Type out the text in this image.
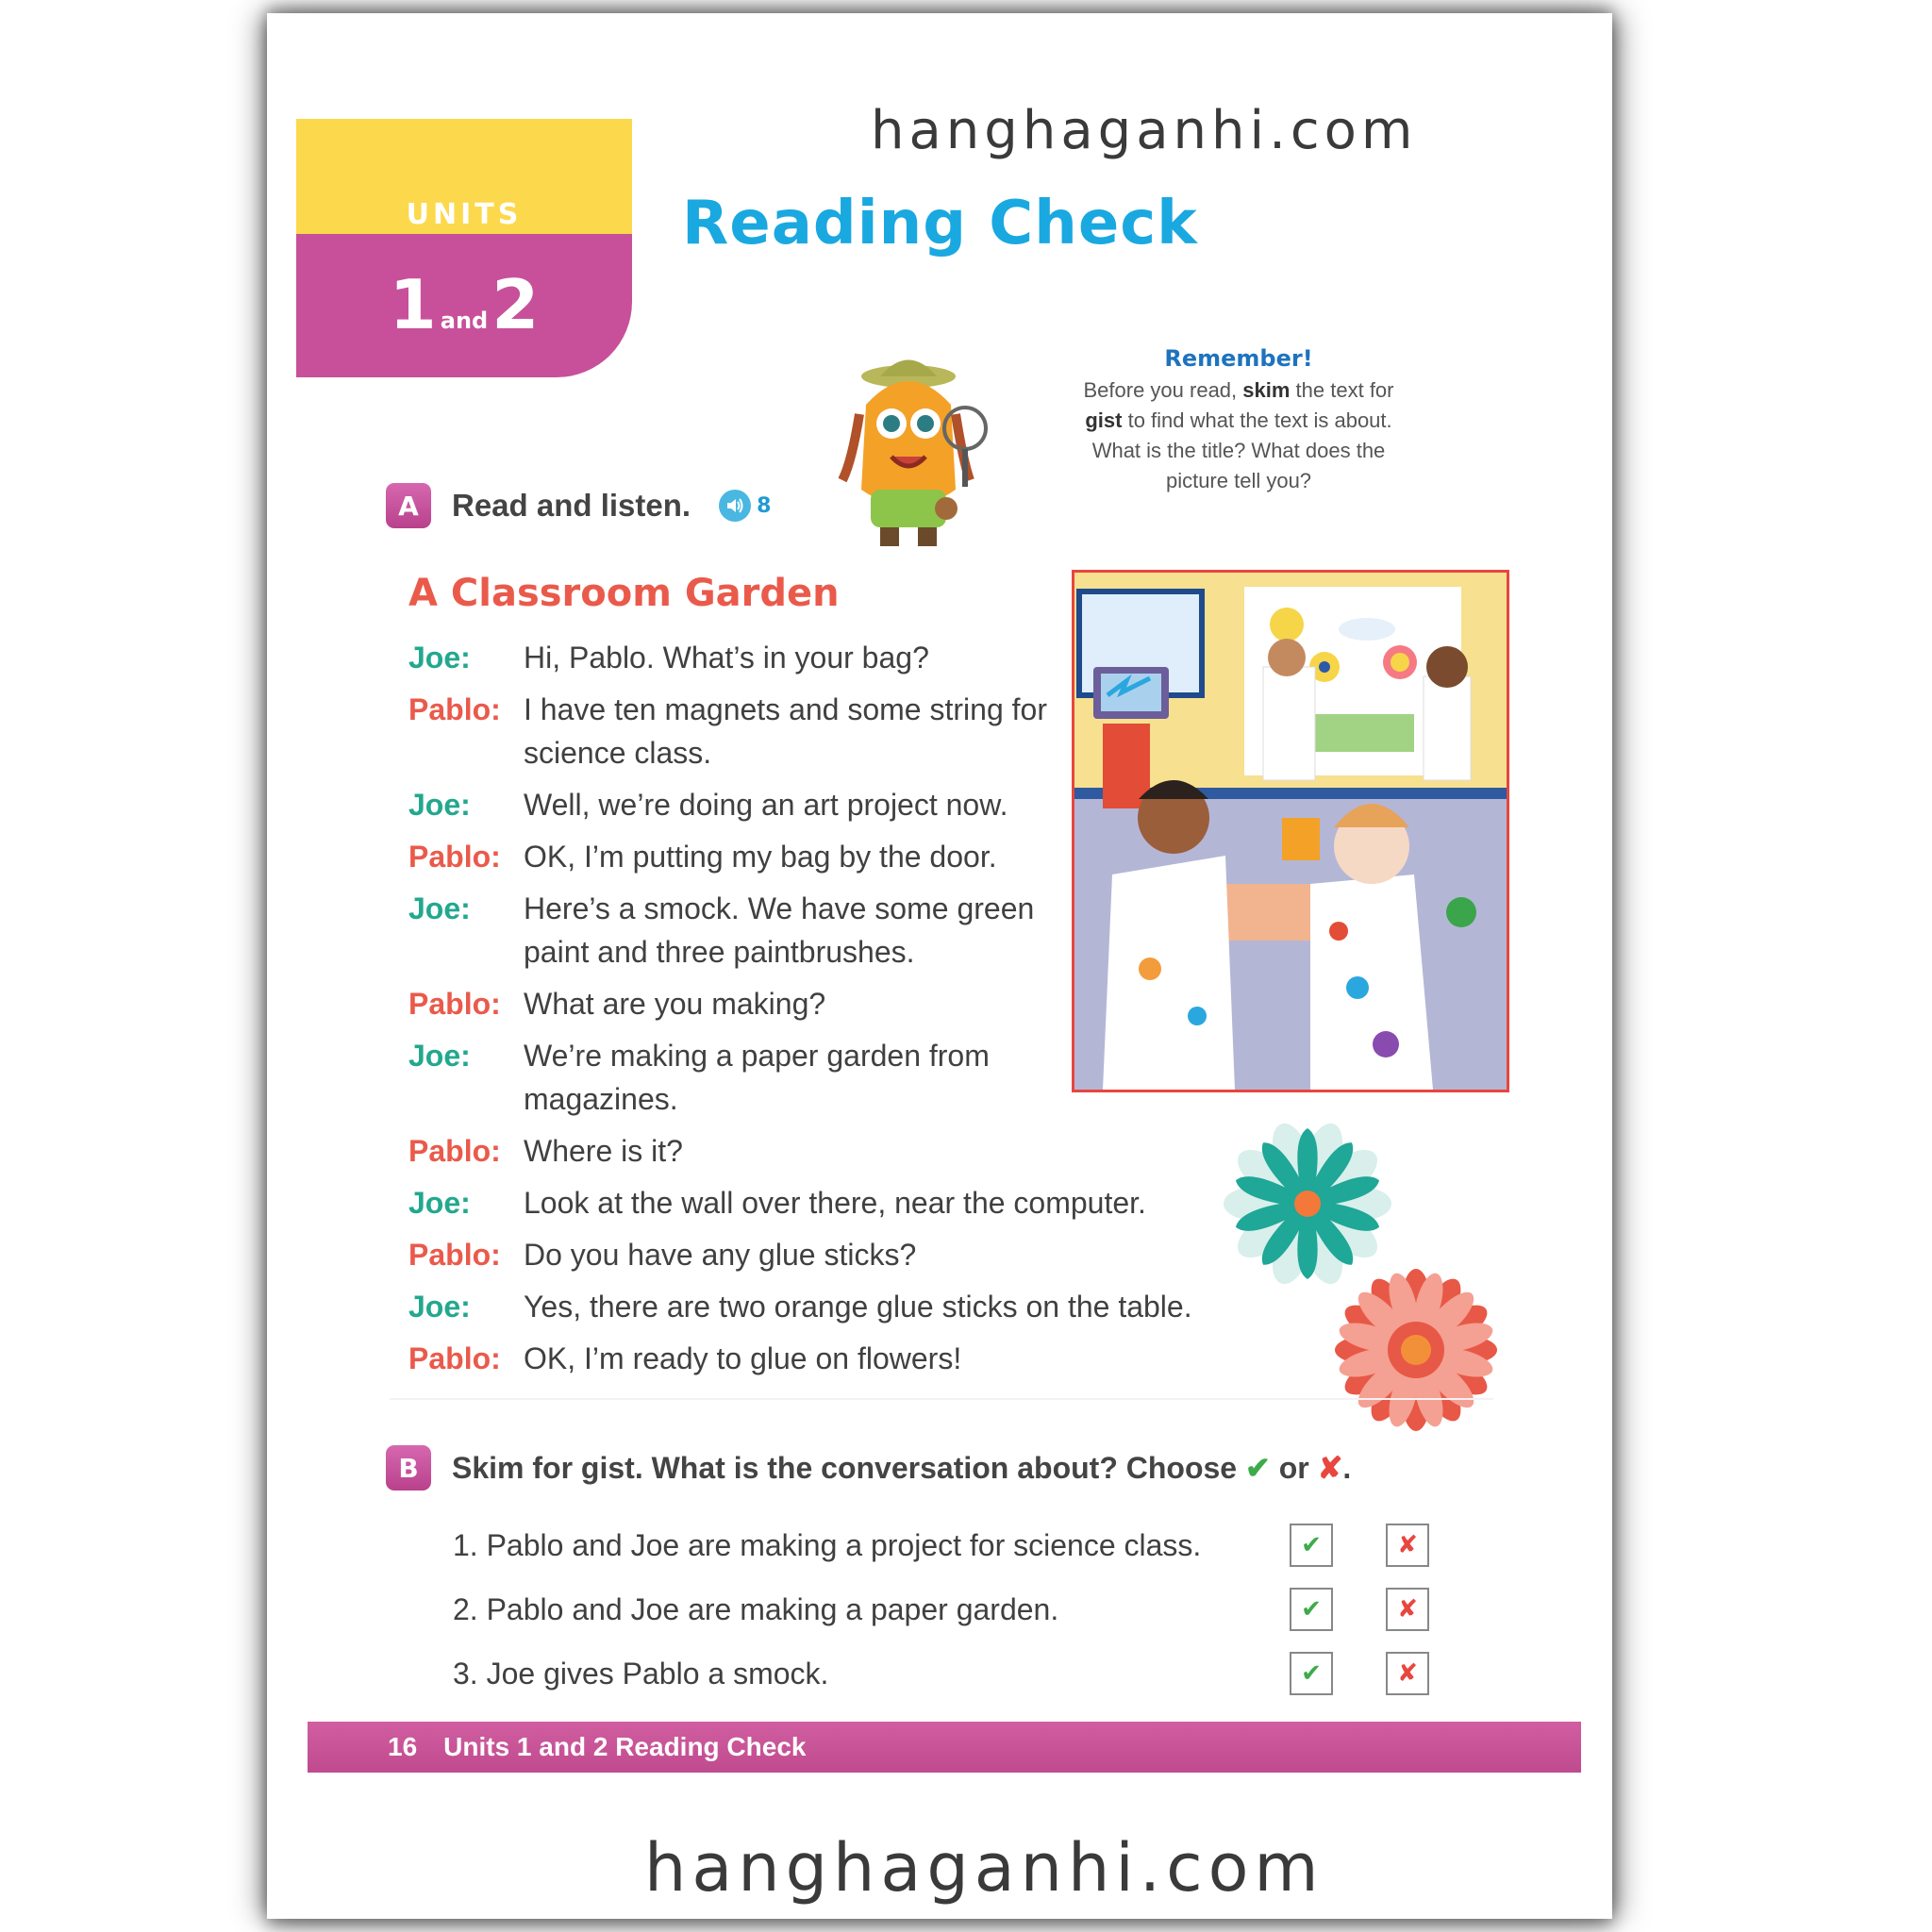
hanghaganhi.com
UNITS
1 and2
Reading Check
Remember!
Before you read, skim the text for gist to find what the text is about. What is the title? What does the picture tell you?
A	Read and listen.	8
A Classroom Garden
Joe:	Hi, Pablo. What’s in your bag?
Pablo: I have ten magnets and some string for science class.
Joe:	Well, we’re doing an art project now.
Pablo: OK, I’m putting my bag by the door.
Joe:	Here’s a smock. We have some green paint and three paintbrushes.
Pablo: What are you making?
Joe:	We’re making a paper garden from magazines.
Pablo: Where is it?
Joe:	Look at the wall over there, near the computer.
Pablo: Do you have any glue sticks?
Joe:	Yes, there are two orange glue sticks on the table.
Pablo: OK, I’m ready to glue on flowers!
B	Skim for gist. What is the conversation about? Choose ✔ or ✘.
1. Pablo and Joe are making a project for science class.	✔	✘
2. Pablo and Joe are making a paper garden.	✔	✘
3. Joe gives Pablo a smock.	✔	✘
16 Units 1 and 2 Reading Check
hanghaganhi.com
